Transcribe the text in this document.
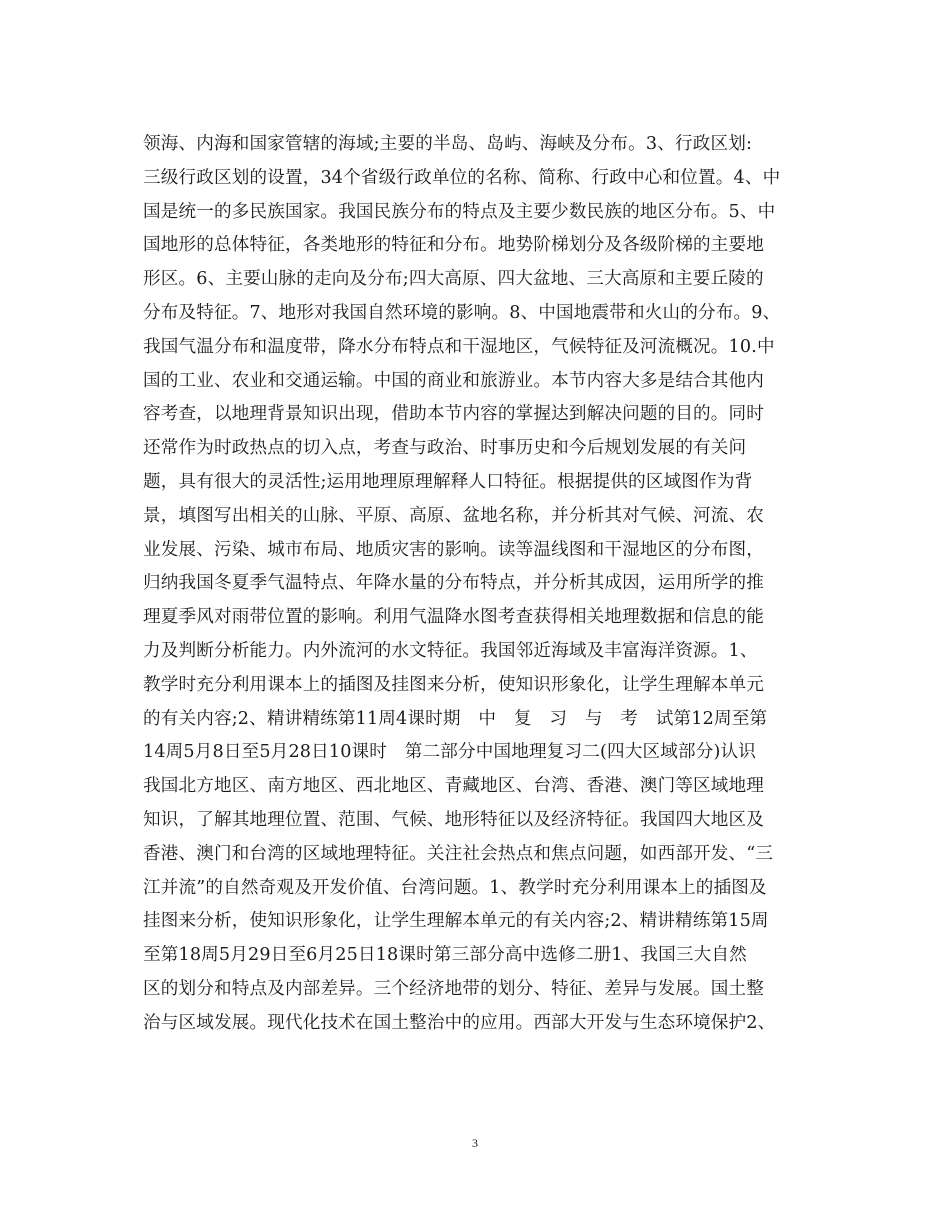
领海、内海和国家管辖的海域;主要的半岛、岛屿、海峡及分布。3、行政区划:
三级行政区划的设置，34个省级行政单位的名称、简称、行政中心和位置。4、中
国是统一的多民族国家。我国民族分布的特点及主要少数民族的地区分布。5、中
国地形的总体特征，各类地形的特征和分布。地势阶梯划分及各级阶梯的主要地
形区。6、主要山脉的走向及分布;四大高原、四大盆地、三大高原和主要丘陵的
分布及特征。7、地形对我国自然环境的影响。8、中国地震带和火山的分布。9、
我国气温分布和温度带，降水分布特点和干湿地区，气候特征及河流概况。10.中
国的工业、农业和交通运输。中国的商业和旅游业。本节内容大多是结合其他内
容考查，以地理背景知识出现，借助本节内容的掌握达到解决问题的目的。同时
还常作为时政热点的切入点，考查与政治、时事历史和今后规划发展的有关问
题，具有很大的灵活性;运用地理原理解释人口特征。根据提供的区域图作为背
景，填图写出相关的山脉、平原、高原、盆地名称，并分析其对气候、河流、农
业发展、污染、城市布局、地质灾害的影响。读等温线图和干湿地区的分布图，
归纳我国冬夏季气温特点、年降水量的分布特点，并分析其成因，运用所学的推
理夏季风对雨带位置的影响。利用气温降水图考查获得相关地理数据和信息的能
力及判断分析能力。内外流河的水文特征。我国邻近海域及丰富海洋资源。1、
教学时充分利用课本上的插图及挂图来分析，使知识形象化，让学生理解本单元
的有关内容;2、精讲精练第11周4课时期　中　复　习　与　考　试第12周至第
14周5月8日至5月28日10课时　第二部分中国地理复习二(四大区域部分)认识
我国北方地区、南方地区、西北地区、青藏地区、台湾、香港、澳门等区域地理
知识，了解其地理位置、范围、气候、地形特征以及经济特征。我国四大地区及
香港、澳门和台湾的区域地理特征。关注社会热点和焦点问题，如西部开发、“三
江并流”的自然奇观及开发价值、台湾问题。1、教学时充分利用课本上的插图及
挂图来分析，使知识形象化，让学生理解本单元的有关内容;2、精讲精练第15周
至第18周5月29日至6月25日18课时第三部分高中选修二册1、我国三大自然
区的划分和特点及内部差异。三个经济地带的划分、特征、差异与发展。国土整
治与区域发展。现代化技术在国土整治中的应用。西部大开发与生态环境保护2、
3
